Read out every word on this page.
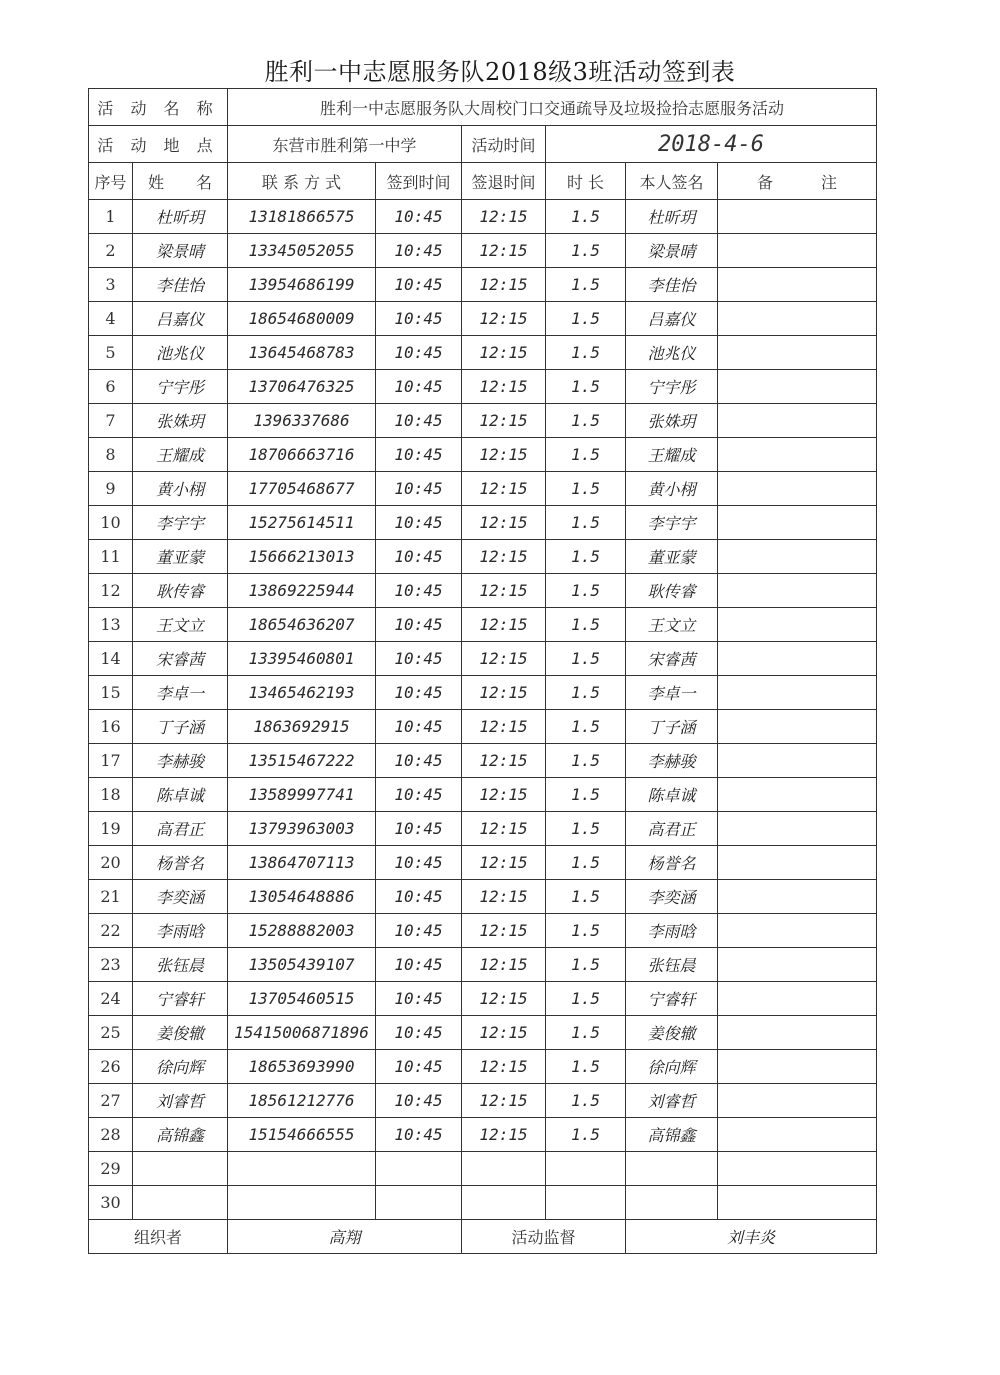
胜利一中志愿服务队2018级3班活动签到表
活 动 名 称		胜利一中志愿服务队大周校门口交通疏导及垃圾捡拾志愿服务活动					
活 动 地 点		东营市胜利第一中学		活动时间	2018-4-6		
序号	姓　　名	联 系 方 式	签到时间	签退时间	时 长	本人签名	备　　　注
1	杜昕玥	13181866575	10:45	12:15	1.5	杜昕玥	
2	梁景晴	13345052055	10:45	12:15	1.5	梁景晴	
3	李佳怡	13954686199	10:45	12:15	1.5	李佳怡	
4	吕嘉仪	18654680009	10:45	12:15	1.5	吕嘉仪	
5	池兆仪	13645468783	10:45	12:15	1.5	池兆仪	
6	宁宇彤	13706476325	10:45	12:15	1.5	宁宇彤	
7	张姝玥	1396337686	10:45	12:15	1.5	张姝玥	
8	王耀成	18706663716	10:45	12:15	1.5	王耀成	
9	黄小栩	17705468677	10:45	12:15	1.5	黄小栩	
10	李宇宇	15275614511	10:45	12:15	1.5	李宇宇	
11	董亚蒙	15666213013	10:45	12:15	1.5	董亚蒙	
12	耿传睿	13869225944	10:45	12:15	1.5	耿传睿	
13	王文立	18654636207	10:45	12:15	1.5	王文立	
14	宋睿茜	13395460801	10:45	12:15	1.5	宋睿茜	
15	李卓一	13465462193	10:45	12:15	1.5	李卓一	
16	丁子涵	1863692915	10:45	12:15	1.5	丁子涵	
17	李赫骏	13515467222	10:45	12:15	1.5	李赫骏	
18	陈卓诚	13589997741	10:45	12:15	1.5	陈卓诚	
19	高君正	13793963003	10:45	12:15	1.5	高君正	
20	杨誉名	13864707113	10:45	12:15	1.5	杨誉名	
21	李奕涵	13054648886	10:45	12:15	1.5	李奕涵	
22	李雨晗	15288882003	10:45	12:15	1.5	李雨晗	
23	张钰晨	13505439107	10:45	12:15	1.5	张钰晨	
24	宁睿轩	13705460515	10:45	12:15	1.5	宁睿轩	
25	姜俊辙	15415006871896	10:45	12:15	1.5	姜俊辙	
26	徐向辉	18653693990	10:45	12:15	1.5	徐向辉	
27	刘睿哲	18561212776	10:45	12:15	1.5	刘睿哲	
28	高锦鑫	15154666555	10:45	12:15	1.5	高锦鑫	
29							
30							
组织者		高翔		活动监督		刘丰炎	
